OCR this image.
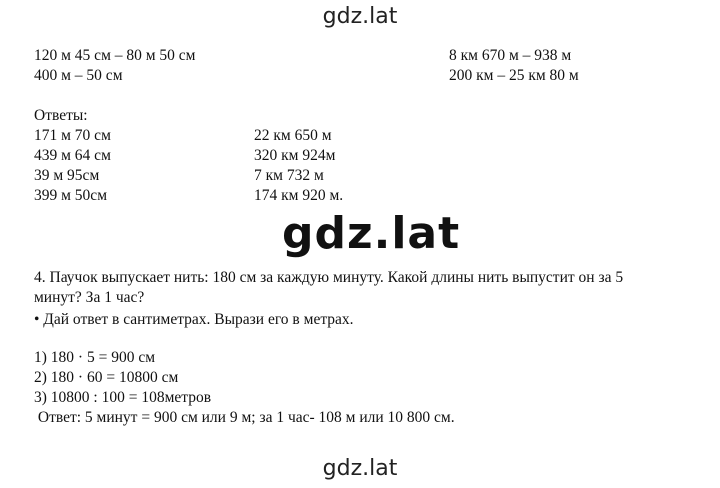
gdz.lat
120 м 45 см – 80 м 50 см	8 км 670 м – 938 м
400 м – 50 см	200 км – 25 км 80 м
Ответы:
171 м 70 см
439 м 64 см
39 м 95см
399 м 50см
22 км 650 м
320 км 924м
7 км 732 м
174 км 920 м.
gdz.lat
4. Паучок выпускает нить: 180 см за каждую минуту. Какой длины нить выпустит он за 5
минут? За 1 час?
• Дай ответ в сантиметрах. Вырази его в метрах.
1) 180 · 5 = 900 см
2) 180 · 60 = 10800 см
3) 10800 : 100 = 108метров
Ответ: 5 минут = 900 см или 9 м; за 1 час- 108 м или 10 800 см.
gdz.lat
